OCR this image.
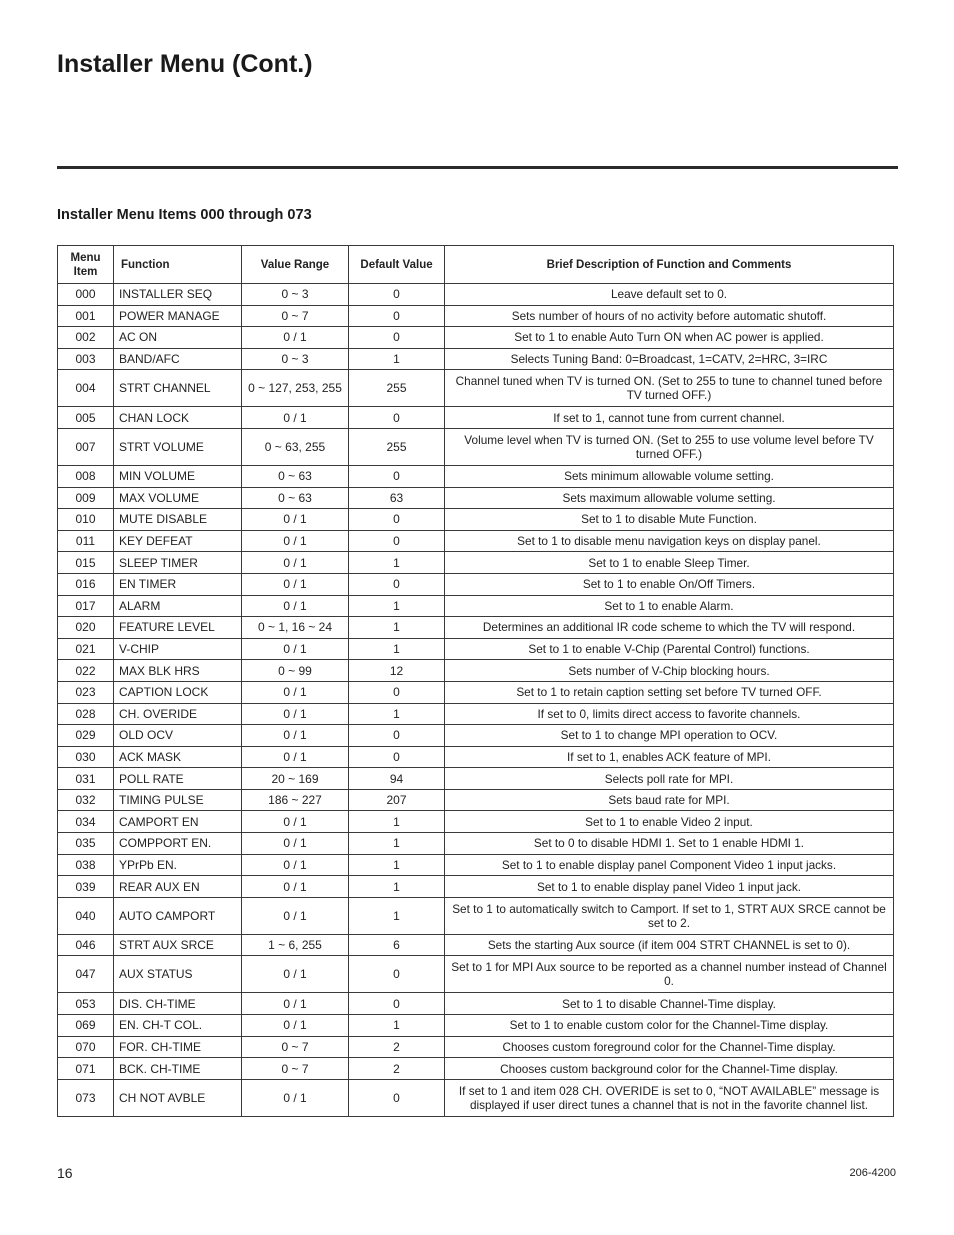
Installer Menu (Cont.)
Installer Menu Items 000 through 073
Menu Item	Function	Value Range	Default Value	Brief Description of Function and Comments
000	INSTALLER SEQ	0 ~ 3	0	Leave default set to 0.
001	POWER MANAGE	0 ~ 7	0	Sets number of hours of no activity before automatic shutoff.
002	AC ON	0 / 1	0	Set to 1 to enable Auto Turn ON when AC power is applied.
003	BAND/AFC	0 ~ 3	1	Selects Tuning Band: 0=Broadcast, 1=CATV, 2=HRC, 3=IRC
004	STRT CHANNEL	0 ~ 127, 253, 255	255	Channel tuned when TV is turned ON. (Set to 255 to tune to channel tuned before TV turned OFF.)
005	CHAN LOCK	0 / 1	0	If set to 1, cannot tune from current channel.
007	STRT VOLUME	0 ~ 63, 255	255	Volume level when TV is turned ON. (Set to 255 to use volume level before TV turned OFF.)
008	MIN VOLUME	0 ~ 63	0	Sets minimum allowable volume setting.
009	MAX VOLUME	0 ~ 63	63	Sets maximum allowable volume setting.
010	MUTE DISABLE	0 / 1	0	Set to 1 to disable Mute Function.
011	KEY DEFEAT	0 / 1	0	Set to 1 to disable menu navigation keys on display panel.
015	SLEEP TIMER	0 / 1	1	Set to 1 to enable Sleep Timer.
016	EN TIMER	0 / 1	0	Set to 1 to enable On/Off Timers.
017	ALARM	0 / 1	1	Set to 1 to enable Alarm.
020	FEATURE LEVEL	0 ~ 1, 16 ~ 24	1	Determines an additional IR code scheme to which the TV will respond.
021	V-CHIP	0 / 1	1	Set to 1 to enable V-Chip (Parental Control) functions.
022	MAX BLK HRS	0 ~ 99	12	Sets number of V-Chip blocking hours.
023	CAPTION LOCK	0 / 1	0	Set to 1 to retain caption setting set before TV turned OFF.
028	CH. OVERIDE	0 / 1	1	If set to 0, limits direct access to favorite channels.
029	OLD OCV	0 / 1	0	Set to 1 to change MPI operation to OCV.
030	ACK MASK	0 / 1	0	If set to 1, enables ACK feature of MPI.
031	POLL RATE	20 ~ 169	94	Selects poll rate for MPI.
032	TIMING PULSE	186 ~ 227	207	Sets baud rate for MPI.
034	CAMPORT EN	0 / 1	1	Set to 1 to enable Video 2 input.
035	COMPPORT EN.	0 / 1	1	Set to 0 to disable HDMI 1. Set to 1 enable HDMI 1.
038	YPrPb EN.	0 / 1	1	Set to 1 to enable display panel Component Video 1 input jacks.
039	REAR AUX EN	0 / 1	1	Set to 1 to enable display panel Video 1 input jack.
040	AUTO CAMPORT	0 / 1	1	Set to 1 to automatically switch to Camport. If set to 1, STRT AUX SRCE cannot be set to 2.
046	STRT AUX SRCE	1 ~ 6, 255	6	Sets the starting Aux source (if item 004 STRT CHANNEL is set to 0).
047	AUX STATUS	0 / 1	0	Set to 1 for MPI Aux source to be reported as a channel number instead of Channel 0.
053	DIS. CH-TIME	0 / 1	0	Set to 1 to disable Channel-Time display.
069	EN. CH-T COL.	0 / 1	1	Set to 1 to enable custom color for the Channel-Time display.
070	FOR. CH-TIME	0 ~ 7	2	Chooses custom foreground color for the Channel-Time display.
071	BCK. CH-TIME	0 ~ 7	2	Chooses custom background color for the Channel-Time display.
073	CH NOT AVBLE	0 / 1	0	If set to 1 and item 028 CH. OVERIDE is set to 0, “NOT AVAILABLE” message is displayed if user direct tunes a channel that is not in the favorite channel list.
16	206-4200
